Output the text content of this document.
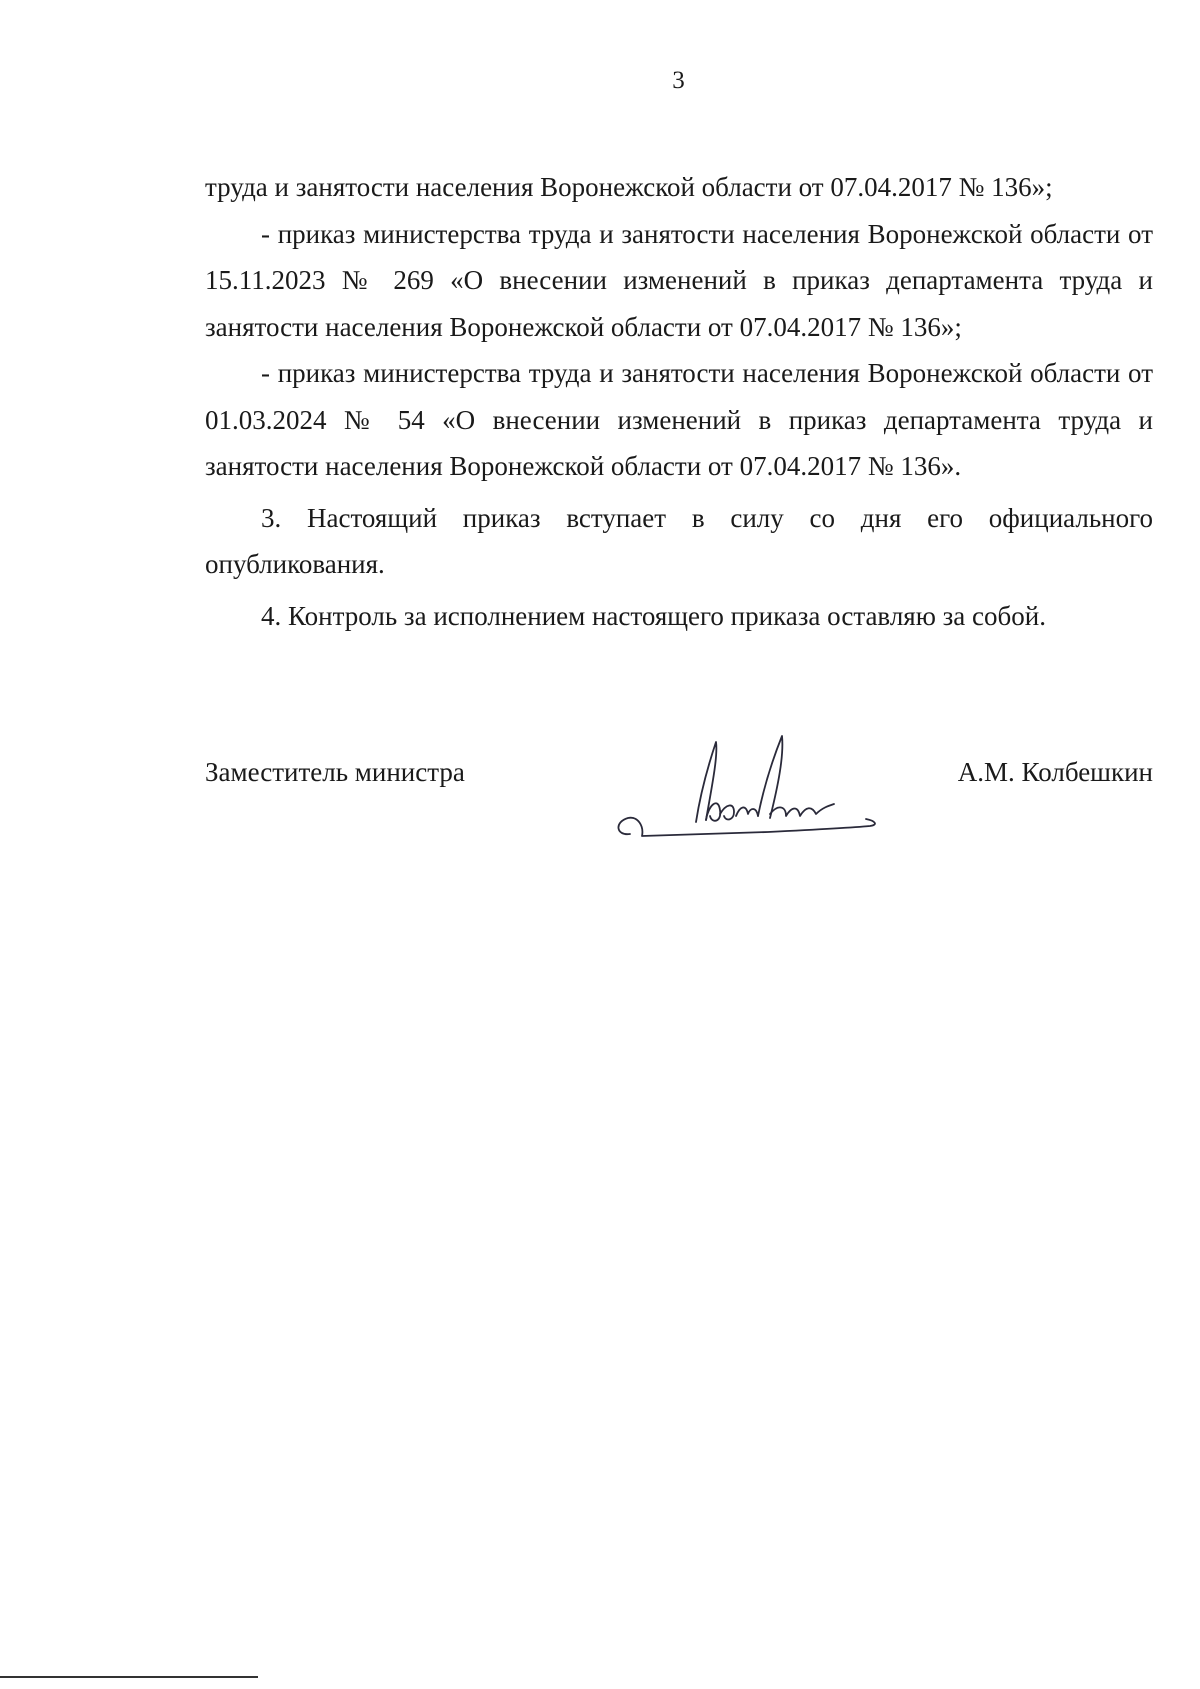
3

труда и занятости населения Воронежской области от 07.04.2017 № 136»;

- приказ министерства труда и занятости населения Воронежской области от 15.11.2023 № 269 «О внесении изменений в приказ департамента труда и занятости населения Воронежской области от 07.04.2017 № 136»;

- приказ министерства труда и занятости населения Воронежской области от 01.03.2024 № 54 «О внесении изменений в приказ департамента труда и занятости населения Воронежской области от 07.04.2017 № 136».

3. Настоящий приказ вступает в силу со дня его официального опубликования.

4. Контроль за исполнением настоящего приказа оставляю за собой.

Заместитель министра	А.М. Колбешкин
